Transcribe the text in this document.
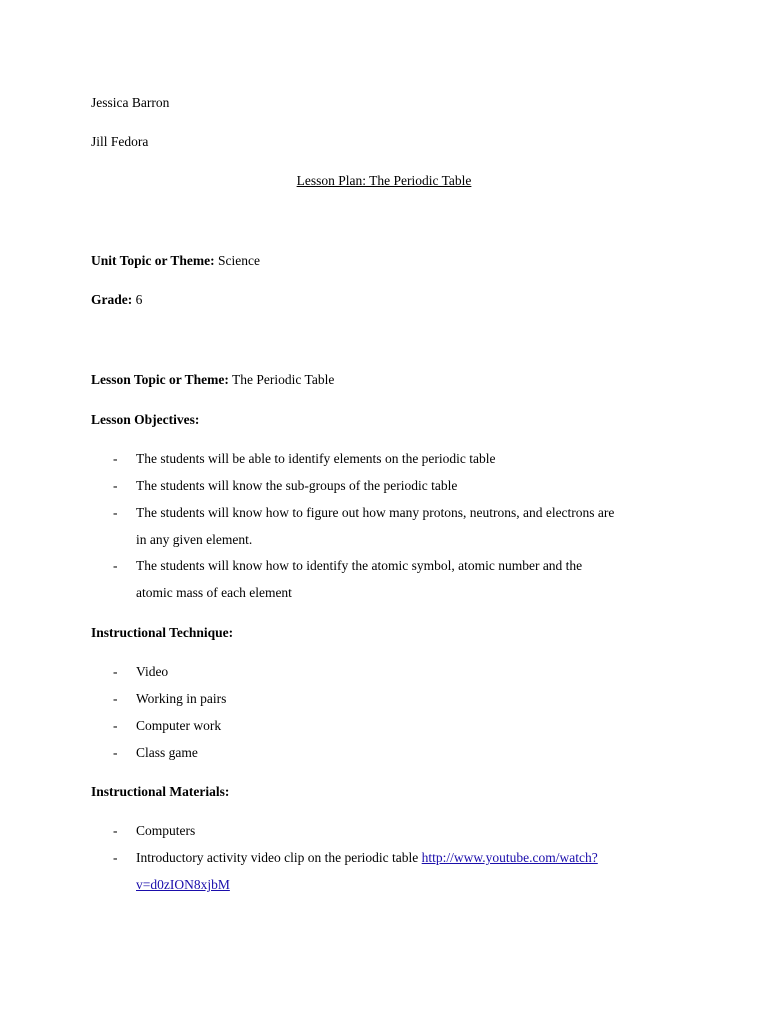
Jessica Barron
Jill Fedora
Lesson Plan: The Periodic Table
Unit Topic or Theme: Science
Grade: 6
Lesson Topic or Theme: The Periodic Table
Lesson Objectives:
- The students will be able to identify elements on the periodic table
- The students will know the sub-groups of the periodic table
- The students will know how to figure out how many protons, neutrons, and electrons are
in any given element.
- The students will know how to identify the atomic symbol, atomic number and the
atomic mass of each element
Instructional Technique:
- Video
- Working in pairs
- Computer work
- Class game
Instructional Materials:
- Computers
- Introductory activity video clip on the periodic table http://www.youtube.com/watch?
v=d0zION8xjbM
